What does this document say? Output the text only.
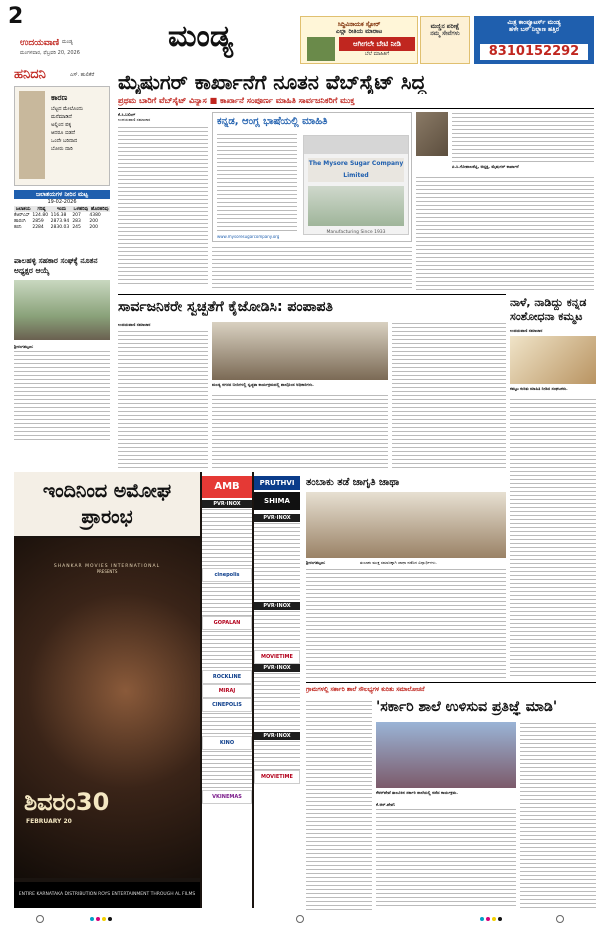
2
ಉದಯವಾಣಿ ಮಂಡ್ಯ
ಮಂಗಳವಾರ, ಫೆಬ್ರವರಿ 20, 2026	ಮಂಡ್ಯ	ಸಿದ್ಧಿವಿನಾಯಕ ಸ್ಟೋರ್
ಎಲ್ಲಾ ರೀತಿಯ ಮಾರಾಟ
ಆಗೀಗಲೇ ಬೇಟಿ ನೀಡಿ
ಬೆಲೆ ಮಾಹಿತಿಗೆ
ಮಣ್ಣಿನ ಪರೀಕ್ಷೆ
ನಮ್ಮ ಸೇವೆಗಳು
ಮಿತ್ರ ಕಾಂಪ್ಯೂಟರ್ಸ್ ಮಂಡ್ಯ
ಹಳೇ ಬಸ್ ನಿಲ್ದಾಣ ಹತ್ತಿರ
8310152292
ಹನಿದನಿ	ಎಸ್. ಹುಲಿಕೆರೆ
ಕಾರಣ
ಬೆಟ್ಟದ ಮೇಲೊಂದು
ಮನೆಮಾಡಿದೆ
ಅಲ್ಲಿಂದ ಪಕ್ಕ
ಆದರೂ ಬಿಡದೆ
ಒಂದೇ ಬರಿದಾದ
ಬೋರು ದಾರಿ
ಜಲಾಶಯಗಳ ನೀರಿನ ಮಟ್ಟ
19-02-2026
ಜಲಾಶಯ	ಗರಿಷ್ಠ	ಇಂದು	ಒಳಹರಿವು	ಹೊರಹರಿವು
ಕೆಆರ್‌ಎಸ್	124.80	116.38	207	4380
ಹಾರಂಗಿ	2859	2873.94	283	200
ಕಬಿನಿ	2284	2830.03	245	200
ಪಾಲಹಳ್ಳಿ ಸಹಕಾರ ಸಂಘಕ್ಕೆ ನೂತನ ಅಧ್ಯಕ್ಷರ ಆಯ್ಕೆ
ಶ್ರೀರಂಗಪಟ್ಟಣ:
ಮೈಷುಗರ್ ಕಾರ್ಖಾನೆಗೆ ನೂತನ ವೆಬ್‌ಸೈಟ್ ಸಿದ್ಧ
ಪ್ರಥಮ ಬಾರಿಗೆ ವೆಬ್‌ಸೈಟ್ ವಿನ್ಯಾಸ ■ ಕಾರ್ಖಾನೆ ಸಂಪೂರ್ಣ ಮಾಹಿತಿ ಸಾರ್ವಜನಿಕರಿಗೆ ಮುಕ್ತ
ಕೆ.ಸಿ.ಬಲಿಂಗ್
ಉದಯವಾಣಿ ಸಮಾಚಾರ	ಕನ್ನಡ, ಆಂಗ್ಲ ಭಾಷೆಯಲ್ಲಿ ಮಾಹಿತಿ
The Mysore Sugar Company Limited
Manufacturing Since 1933
www.mysoresugarcompany.org
ಪಿ.ಸಿ.ಗೋಪಾಲಶೆಟ್ಟಿ, ಅಧ್ಯಕ್ಷ, ಮೈಷುಗರ್ ಕಾರ್ಖಾನೆ
ಸಾರ್ವಜನಿಕರೇ ಸ್ವಚ್ಛತೆಗೆ ಕೈಜೋಡಿಸಿ: ಪಂಪಾಪತಿ
ಉದಯವಾಣಿ ಸಮಾಚಾರ
ಮಂಡ್ಯ ನಗರದ ಬೀದಿಗಳಲ್ಲಿ ಸ್ವಚ್ಛತಾ ಕಾರ್ಯಕ್ರಮದಲ್ಲಿ ಪಾಲ್ಗೊಂಡ ಅಧಿಕಾರಿಗಳು.
ನಾಳೆ, ನಾಡಿದ್ದು ಕನ್ನಡ ಸಂಶೋಧನಾ ಕಮ್ಮಟ
ಉದಯವಾಣಿ ಸಮಾಚಾರ
ಕಮ್ಮಟ ಕುರಿತು ಮಾಹಿತಿ ನೀಡಿದ ಸಂಘಟಕರು.
ಇಂದಿನಿಂದ ಅಮೋಘ ಪ್ರಾರಂಭ
SHANKAR MOVIES INTERNATIONAL
PRESENTS
ಶಿವರಂ30
FEBRUARY 20
ENTIRE KARNATAKA DISTRIBUTION ROYS ENTERTAINMENT THROUGH AL FILMS
AMB
PVR·INOX
cinepolis
GOPALAN
ROCKLINE
MIRAJ
CINEPOLIS
KINO
VKINEMAS
PRUTHVI
SHIMA
PVR·INOX
PVR·INOX
MOVIETIME
PVR·INOX
PVR·INOX
MOVIETIME
ತಂಬಾಕು ತಡೆ ಜಾಗೃತಿ ಜಾಥಾ
ಶ್ರೀರಂಗಪಟ್ಟಣ:	ತಂಬಾಕು ಮುಕ್ತ ಸಮಾಜಕ್ಕಾಗಿ ಜಾಥಾ ನಡೆಸಿದ ವಿದ್ಯಾರ್ಥಿಗಳು.
ಗ್ರಾಮಗಳಲ್ಲಿ ಸರ್ಕಾರಿ ಶಾಲೆ ಸೌಲಭ್ಯಗಳ ಕುರಿತು ಸಮಾಲೋಚನೆ
'ಸರ್ಕಾರಿ ಶಾಲೆ ಉಳಿಸುವ ಪ್ರತಿಜ್ಞೆ ಮಾಡಿ'
ಕೆಆರ್‌ಪೇಟೆ ತಾಲೂಕಿನ ಸರ್ಕಾರಿ ಶಾಲೆಯಲ್ಲಿ ನಡೆದ ಕಾರ್ಯಕ್ರಮ.
ಕೆ.ಆರ್.ಪೇಟೆ:
